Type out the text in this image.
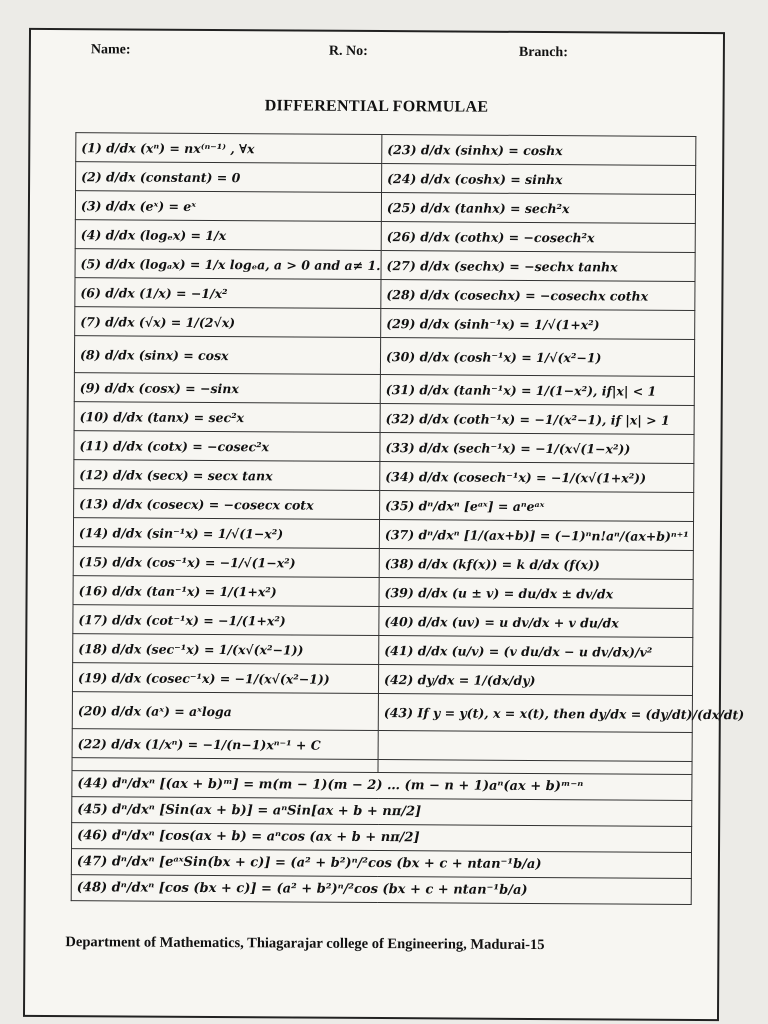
Name:	R. No:	Branch:
DIFFERENTIAL FORMULAE
(1) d/dx (xⁿ) = nx⁽ⁿ⁻¹⁾ , ∀x	(23) d/dx (sinhx) = coshx
(2) d/dx (constant) = 0	(24) d/dx (coshx) = sinhx
(3) d/dx (eˣ) = eˣ	(25) d/dx (tanhx) = sech²x
(4) d/dx (logₑx) = 1/x	(26) d/dx (cothx) = −cosech²x
(5) d/dx (logₐx) = 1/x logₑa, a > 0 and a≠ 1.	(27) d/dx (sechx) = −sechx tanhx
(6) d/dx (1/x) = −1/x²	(28) d/dx (cosechx) = −cosechx cothx
(7) d/dx (√x) = 1/(2√x)	(29) d/dx (sinh⁻¹x) = 1/√(1+x²)
(8) d/dx (sinx) = cosx	(30) d/dx (cosh⁻¹x) = 1/√(x²−1)
(9) d/dx (cosx) = −sinx	(31) d/dx (tanh⁻¹x) = 1/(1−x²), if|x| < 1
(10) d/dx (tanx) = sec²x	(32) d/dx (coth⁻¹x) = −1/(x²−1), if |x| > 1
(11) d/dx (cotx) = −cosec²x	(33) d/dx (sech⁻¹x) = −1/(x√(1−x²))
(12) d/dx (secx) = secx tanx	(34) d/dx (cosech⁻¹x) = −1/(x√(1+x²))
(13) d/dx (cosecx) = −cosecx cotx	(35) dⁿ/dxⁿ [eᵃˣ] = aⁿeᵃˣ
(14) d/dx (sin⁻¹x) = 1/√(1−x²)	(37) dⁿ/dxⁿ [1/(ax+b)] = (−1)ⁿn!aⁿ/(ax+b)ⁿ⁺¹
(15) d/dx (cos⁻¹x) = −1/√(1−x²)	(38) d/dx (kf(x)) = k d/dx (f(x))
(16) d/dx (tan⁻¹x) = 1/(1+x²)	(39) d/dx (u ± v) = du/dx ± dv/dx
(17) d/dx (cot⁻¹x) = −1/(1+x²)	(40) d/dx (uv) = u dv/dx + v du/dx
(18) d/dx (sec⁻¹x) = 1/(x√(x²−1))	(41) d/dx (u/v) = (v du/dx − u dv/dx)/v²
(19) d/dx (cosec⁻¹x) = −1/(x√(x²−1))	(42) dy/dx = 1/(dx/dy)
(20) d/dx (aˣ) = aˣloga	(43) If y = y(t), x = x(t), then dy/dx = (dy/dt)/(dx/dt)
(22) d/dx (1/xⁿ) = −1/(n−1)xⁿ⁻¹ + C	

(44) dⁿ/dxⁿ [(ax + b)ᵐ] = m(m − 1)(m − 2) … (m − n + 1)aⁿ(ax + b)ᵐ⁻ⁿ	
(45) dⁿ/dxⁿ [Sin(ax + b)] = aⁿSin[ax + b + nπ/2]	
(46) dⁿ/dxⁿ [cos(ax + b) = aⁿcos (ax + b + nπ/2]	
(47) dⁿ/dxⁿ [eᵃˣSin(bx + c)] = (a² + b²)ⁿ/²cos (bx + c + ntan⁻¹b/a)	
(48) dⁿ/dxⁿ [cos (bx + c)] = (a² + b²)ⁿ/²cos (bx + c + ntan⁻¹b/a)	
Department of Mathematics, Thiagarajar college of Engineering, Madurai-15
